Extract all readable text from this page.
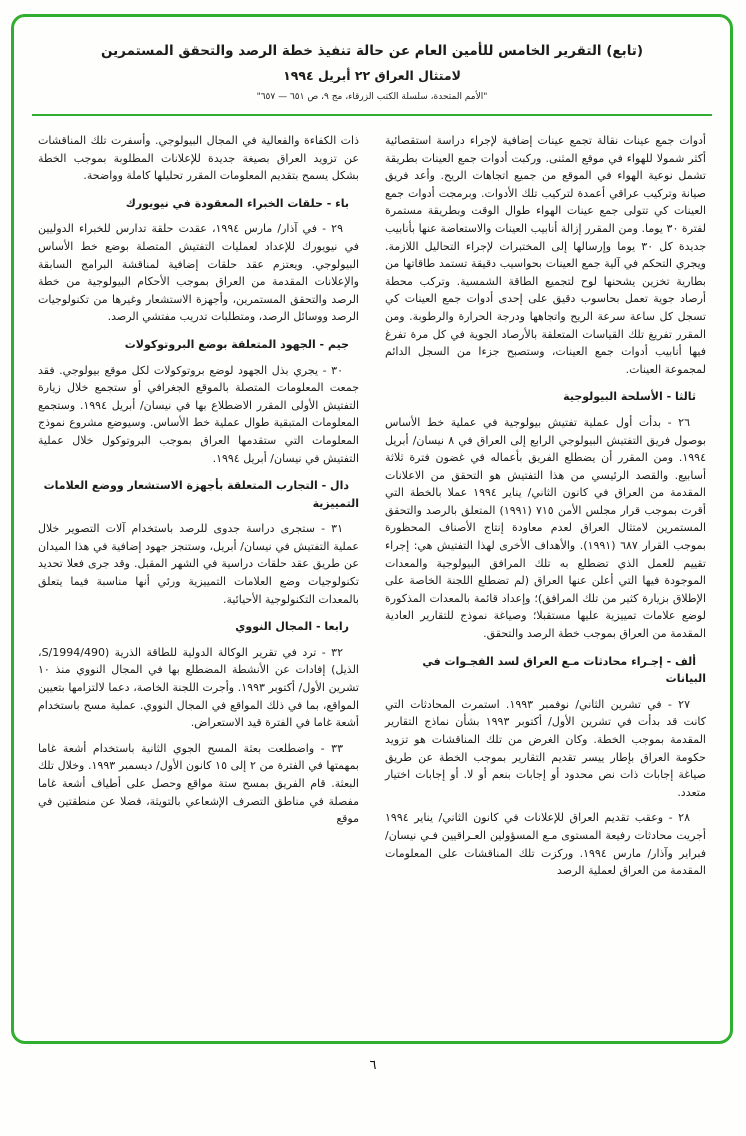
(تابع) التقرير الخامس للأمين العام عن حالة تنفيذ خطة الرصد والتحقق المستمرين
لامتثال العراق ٢٢ أبريل ١٩٩٤
"الأمم المتحدة، سلسلة الكتب الزرقاء، مج ٩، ص ٦٥١ — ٦٥٧"
أدوات جمع عينات نقالة تجمع عينات إضافية لإجراء دراسة استقصائية أكثر شمولا للهواء في موقع المثنى. وركبت أدوات جمع العينات بطريقة تشمل نوعية الهواء في الموقع من جميع اتجاهات الريح. وأعد فريق صيانة وتركيب عراقي أعمدة لتركيب تلك الأدوات. وبرمجت أدوات جمع العينات كي تتولى جمع عينات الهواء طوال الوقت وبطريقة مستمرة لفترة ٣٠ يوما. ومن المقرر إزالة أنابيب العينات والاستعاضة عنها بأنابيب جديدة كل ٣٠ يوما وإرسالها إلى المختبرات لإجراء التحاليل اللازمة. ويجري التحكم في آلية جمع العينات بحواسيب دقيقة تستمد طاقاتها من بطارية تخزين يشحنها لوح لتجميع الطاقة الشمسية. وتركب محطة أرصاد جوية تعمل بحاسوب دقيق على إحدى أدوات جمع العينات كي تسجل كل ساعة سرعة الريح واتجاهها ودرجة الحرارة والرطوبة. ومن المقرر تفريغ تلك القياسات المتعلقة بالأرصاد الجوية في كل مرة تفرغ فيها أنابيب أدوات جمع العينات، وستصبح جزءا من السجل الدائم لمجموعة العينات.
ثالثا - الأسلحة البيولوجية
٢٦ - بدأت أول عملية تفتيش بيولوجية في عملية خط الأساس بوصول فريق التفتيش البيولوجي الرابع إلى العراق في ٨ نيسان/ أبريل ١٩٩٤. ومن المقرر أن يضطلع الفريق بأعماله في غضون فترة ثلاثة أسابيع. والقصد الرئيسي من هذا التفتيش هو التحقق من الاعلانات المقدمة من العراق في كانون الثاني/ يناير ١٩٩٤ عملا بالخطة التي أقرت بموجب قرار مجلس الأمن ٧١٥ (١٩٩١) المتعلق بالرصد والتحقق المستمرين لامتثال العراق لعدم معاودة إنتاج الأصناف المحظورة بموجب القرار ٦٨٧ (١٩٩١). والأهداف الأخرى لهذا التفتيش هي: إجراء تقييم للعمل الذي تضطلع به تلك المرافق البيولوجية والمعدات الموجودة فيها التي أعلن عنها العراق (لم تضطلع اللجنة الخاصة على الإطلاق بزيارة كثير من تلك المرافق)؛ وإعداد قائمة بالمعدات المذكورة لوضع علامات تمييزية عليها مستقبلا؛ وصياغة نموذج للتقارير العادية المقدمة من العراق بموجب خطة الرصد والتحقق.
ألف - إجـراء محادثات مـع العراق لسد الفجـوات في البيانات
٢٧ - في تشرين الثاني/ نوفمبر ١٩٩٣. استمرت المحادثات التي كانت قد بدأت في تشرين الأول/ أكتوبر ١٩٩٣ بشأن نماذج التقارير المقدمة بموجب الخطة. وكان الغرض من تلك المناقشات هو تزويد حكومة العراق بإطار ييسر تقديم التقارير بموجب الخطة عن طريق صياغة إجابات ذات نص محدود أو إجابات بنعم أو لا. أو إجابات اختيار متعدد.
٢٨ - وعقب تقديم العراق للإعلانات في كانون الثاني/ يناير ١٩٩٤ أجريت محادثات رفيعة المستوى مـع المسؤولين العـراقيين فـي نيسان/ فبراير وآذار/ مارس ١٩٩٤. وركزت تلك المناقشات على المعلومات المقدمة من العراق لعملية الرصد
ذات الكفاءة والفعالية في المجال البيولوجي. وأسفرت تلك المناقشات عن تزويد العراق بصيغة جديدة للإعلانات المطلوبة بموجب الخطة بشكل يسمح بتقديم المعلومات المقرر تحليلها كاملة وواضحة.
باء - حلقات الخبراء المعقودة في نيويورك
٢٩ - في آذار/ مارس ١٩٩٤، عقدت حلقة تدارس للخبراء الدوليين في نيويورك للإعداد لعمليات التفتيش المتصلة بوضع خط الأساس البيولوجي. ويعتزم عقد حلقات إضافية لمناقشة البرامج السابقة والإعلانات المقدمة من العراق بموجب الأحكام البيولوجية من خطة الرصد والتحقق المستمرين، وأجهزة الاستشعار وغيرها من تكنولوجيات الرصد ووسائل الرصد، ومتطلبات تدريب مفتشي الرصد.
جيم - الجهود المتعلقة بوضع البروتوكولات
٣٠ - يجري بذل الجهود لوضع بروتوكولات لكل موقع بيولوجي. فقد جمعت المعلومات المتصلة بالموقع الجغرافي أو ستجمع خلال زيارة التفتيش الأولى المقرر الاضطلاع بها في نيسان/ أبريل ١٩٩٤. وستجمع المعلومات المتبقية طوال عملية خط الأساس. وسيوضع مشروع نموذج المعلومات التي ستقدمها العراق بموجب البروتوكول خلال عملية التفتيش في نيسان/ أبريل ١٩٩٤.
دال - التجارب المتعلقة بأجهزة الاستشعار ووضع العلامات التمييزية
٣١ - ستجرى دراسة جدوى للرصد باستخدام آلات التصوير خلال عملية التفتيش في نيسان/ أبريل، وستنجز جهود إضافية في هذا الميدان عن طريق عقد حلقات دراسية في الشهر المقبل. وقد جرى فعلا تحديد تكنولوجيات وضع العلامات التمييزية ورئي أنها مناسبة فيما يتعلق بالمعدات التكنولوجية الأحيائية.
رابعا - المجال النووي
٣٢ - ترد في تقرير الوكالة الدولية للطاقة الذرية (S/1994/490، الذيل) إفادات عن الأنشطة المضطلع بها في المجال النووي منذ ١٠ تشرين الأول/ أكتوبر ١٩٩٣. وأجرت اللجنة الخاصة، دعما لالتزامها بتعيين المواقع، بما في ذلك المواقع في المجال النووي. عملية مسح باستخدام أشعة غاما في الفترة قيد الاستعراض.
٣٣ - واضطلعت بعثة المسح الجوي الثانية باستخدام أشعة غاما بمهمتها في الفترة من ٢ إلى ١٥ كانون الأول/ ديسمبر ١٩٩٣. وخلال تلك البعثة. قام الفريق بمسح ستة مواقع وحصل على أطياف أشعة غاما مفصلة في مناطق التصرف الإشعاعي بالتويثة، فضلا عن منطقتين في موقع
٦
